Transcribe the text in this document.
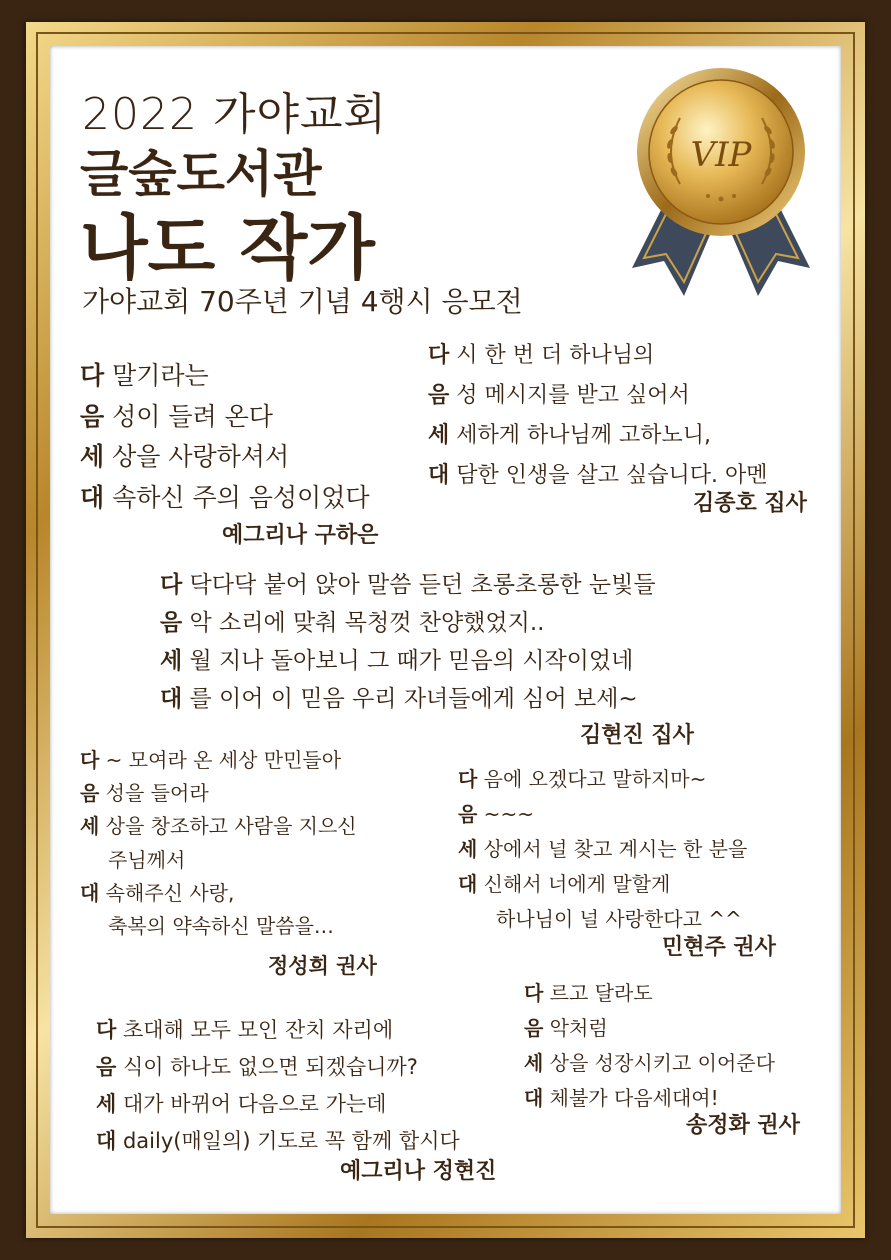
2022 가야교회
글숲도서관
나도 작가
가야교회 70주년 기념 4행시 응모전
VIP
다 말기라는
음 성이 들려 온다
세 상을 사랑하셔서
대 속하신 주의 음성이었다
예그리나 구하은
다 시 한 번 더 하나님의
음 성 메시지를 받고 싶어서
세 세하게 하나님께 고하노니,
대 담한 인생을 살고 싶습니다. 아멘
김종호 집사
다 닥다닥 붙어 앉아 말씀 듣던 초롱초롱한 눈빛들
음 악 소리에 맞춰 목청껏 찬양했었지..
세 월 지나 돌아보니 그 때가 믿음의 시작이었네
대 를 이어 이 믿음 우리 자녀들에게 심어 보세~
김현진 집사
다 ~ 모여라 온 세상 만민들아
음 성을 들어라
세 상을 창조하고 사람을 지으신
주님께서
대 속해주신 사랑,
축복의 약속하신 말씀을…
정성희 권사
다 음에 오겠다고 말하지마~
음 ~~~
세 상에서 널 찾고 계시는 한 분을
대 신해서 너에게 말할게
하나님이 널 사랑한다고 ^^
민현주 권사
다 르고 달라도
음 악처럼
세 상을 성장시키고 이어준다
대 체불가 다음세대여!
송정화 권사
다 초대해 모두 모인 잔치 자리에
음 식이 하나도 없으면 되겠습니까?
세 대가 바뀌어 다음으로 가는데
대 daily(매일의) 기도로 꼭 함께 합시다
예그리나 정현진
